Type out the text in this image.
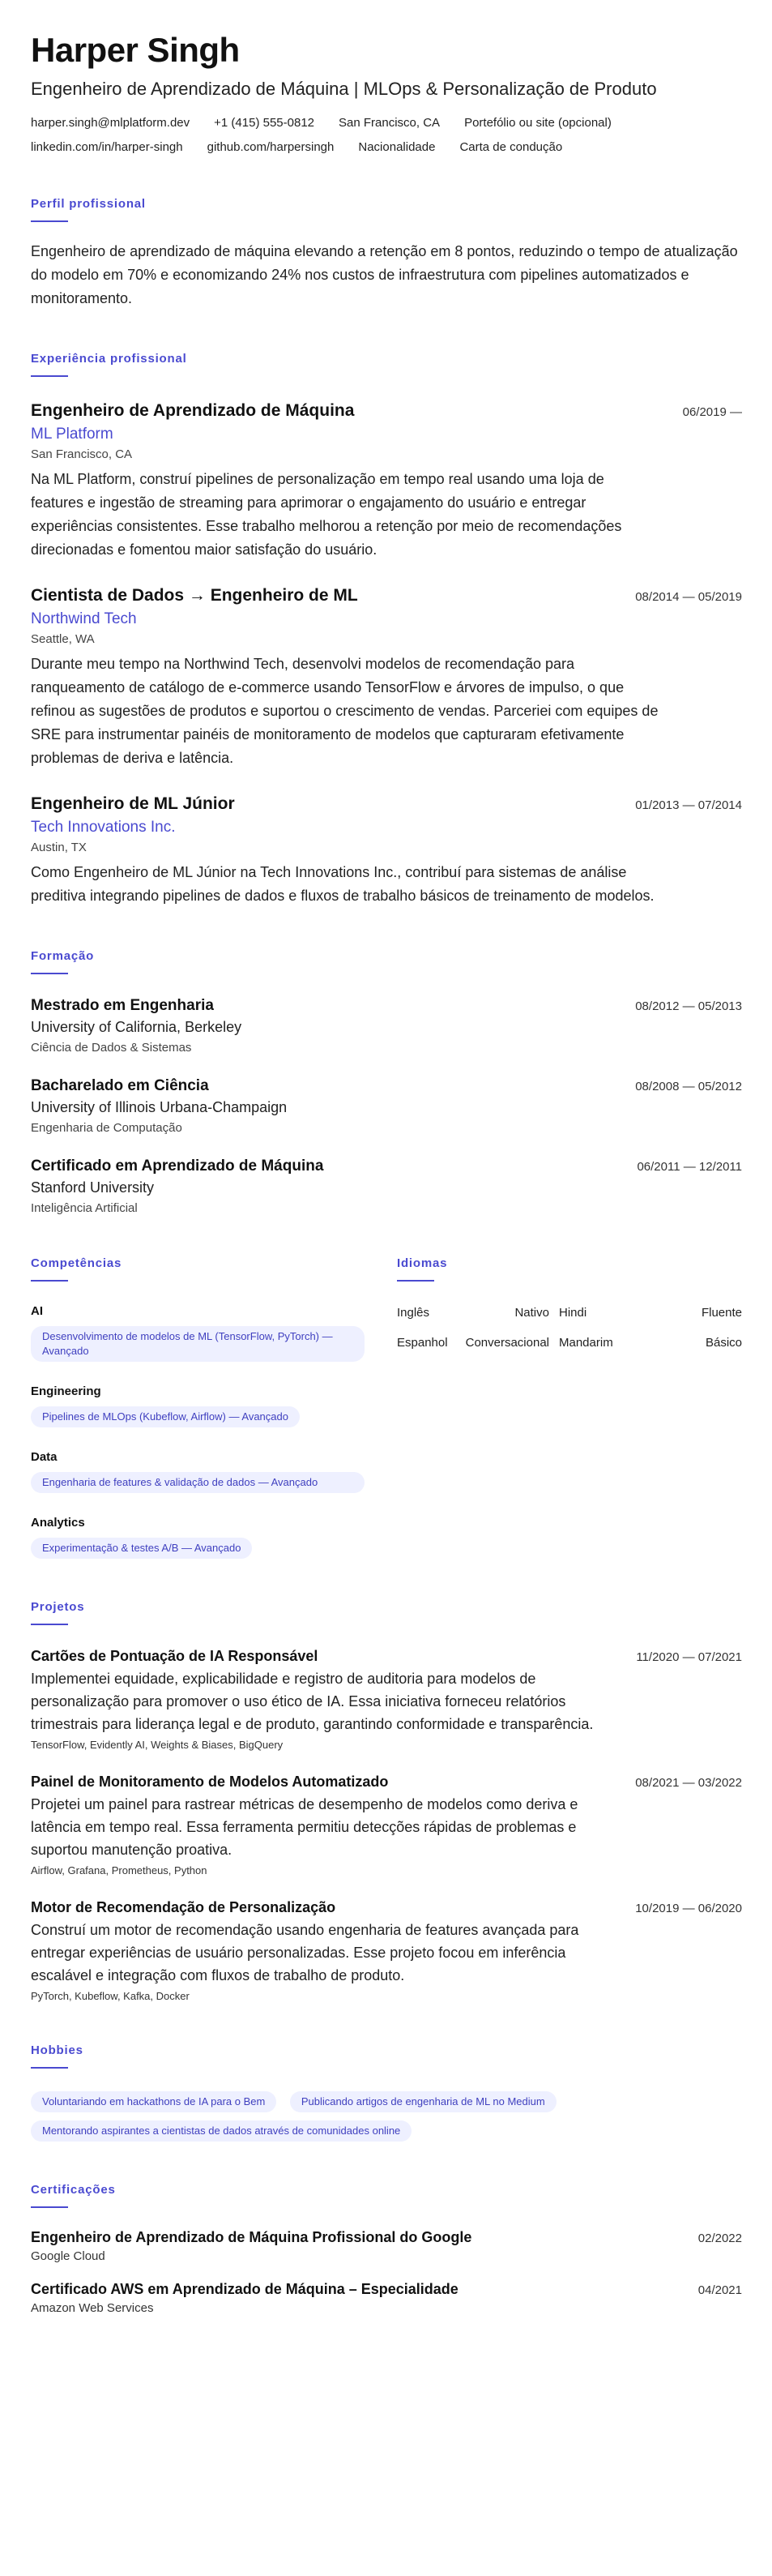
Harper Singh
Engenheiro de Aprendizado de Máquina | MLOps & Personalização de Produto
harper.singh@mlplatform.dev +1 (415) 555-0812 San Francisco, CA Portefólio ou site (opcional)
linkedin.com/in/harper-singh github.com/harpersingh Nacionalidade Carta de condução
Perfil profissional
Engenheiro de aprendizado de máquina elevando a retenção em 8 pontos, reduzindo o tempo de atualização do modelo em 70% e economizando 24% nos custos de infraestrutura com pipelines automatizados e monitoramento.
Experiência profissional
Engenheiro de Aprendizado de Máquina	06/2019 —
ML Platform
San Francisco, CA
Na ML Platform, construí pipelines de personalização em tempo real usando uma loja de features e ingestão de streaming para aprimorar o engajamento do usuário e entregar experiências consistentes. Esse trabalho melhorou a retenção por meio de recomendações direcionadas e fomentou maior satisfação do usuário.
Cientista de Dados → Engenheiro de ML	08/2014 — 05/2019
Northwind Tech
Seattle, WA
Durante meu tempo na Northwind Tech, desenvolvi modelos de recomendação para ranqueamento de catálogo de e-commerce usando TensorFlow e árvores de impulso, o que refinou as sugestões de produtos e suportou o crescimento de vendas. Parceriei com equipes de SRE para instrumentar painéis de monitoramento de modelos que capturaram efetivamente problemas de deriva e latência.
Engenheiro de ML Júnior	01/2013 — 07/2014
Tech Innovations Inc.
Austin, TX
Como Engenheiro de ML Júnior na Tech Innovations Inc., contribuí para sistemas de análise preditiva integrando pipelines de dados e fluxos de trabalho básicos de treinamento de modelos.
Formação
Mestrado em Engenharia	08/2012 — 05/2013
University of California, Berkeley
Ciência de Dados & Sistemas
Bacharelado em Ciência	08/2008 — 05/2012
University of Illinois Urbana-Champaign
Engenharia de Computação
Certificado em Aprendizado de Máquina	06/2011 — 12/2011
Stanford University
Inteligência Artificial
Competências
AI
Desenvolvimento de modelos de ML (TensorFlow, PyTorch) — Avançado
Engineering
Pipelines de MLOps (Kubeflow, Airflow) — Avançado
Data
Engenharia de features & validação de dados — Avançado
Analytics
Experimentação & testes A/B — Avançado
Idiomas
Inglês	Nativo Hindi	Fluente
Espanhol	Conversacional Mandarim	Básico
Projetos
Cartões de Pontuação de IA Responsável	11/2020 — 07/2021
Implementei equidade, explicabilidade e registro de auditoria para modelos de personalização para promover o uso ético de IA. Essa iniciativa forneceu relatórios trimestrais para liderança legal e de produto, garantindo conformidade e transparência.
TensorFlow, Evidently AI, Weights & Biases, BigQuery
Painel de Monitoramento de Modelos Automatizado	08/2021 — 03/2022
Projetei um painel para rastrear métricas de desempenho de modelos como deriva e latência em tempo real. Essa ferramenta permitiu detecções rápidas de problemas e suportou manutenção proativa.
Airflow, Grafana, Prometheus, Python
Motor de Recomendação de Personalização	10/2019 — 06/2020
Construí um motor de recomendação usando engenharia de features avançada para entregar experiências de usuário personalizadas. Esse projeto focou em inferência escalável e integração com fluxos de trabalho de produto.
PyTorch, Kubeflow, Kafka, Docker
Hobbies
Voluntariando em hackathons de IA para o Bem	Publicando artigos de engenharia de ML no Medium
Mentorando aspirantes a cientistas de dados através de comunidades online
Certificações
Engenheiro de Aprendizado de Máquina Profissional do Google	02/2022
Google Cloud
Certificado AWS em Aprendizado de Máquina – Especialidade	04/2021
Amazon Web Services
